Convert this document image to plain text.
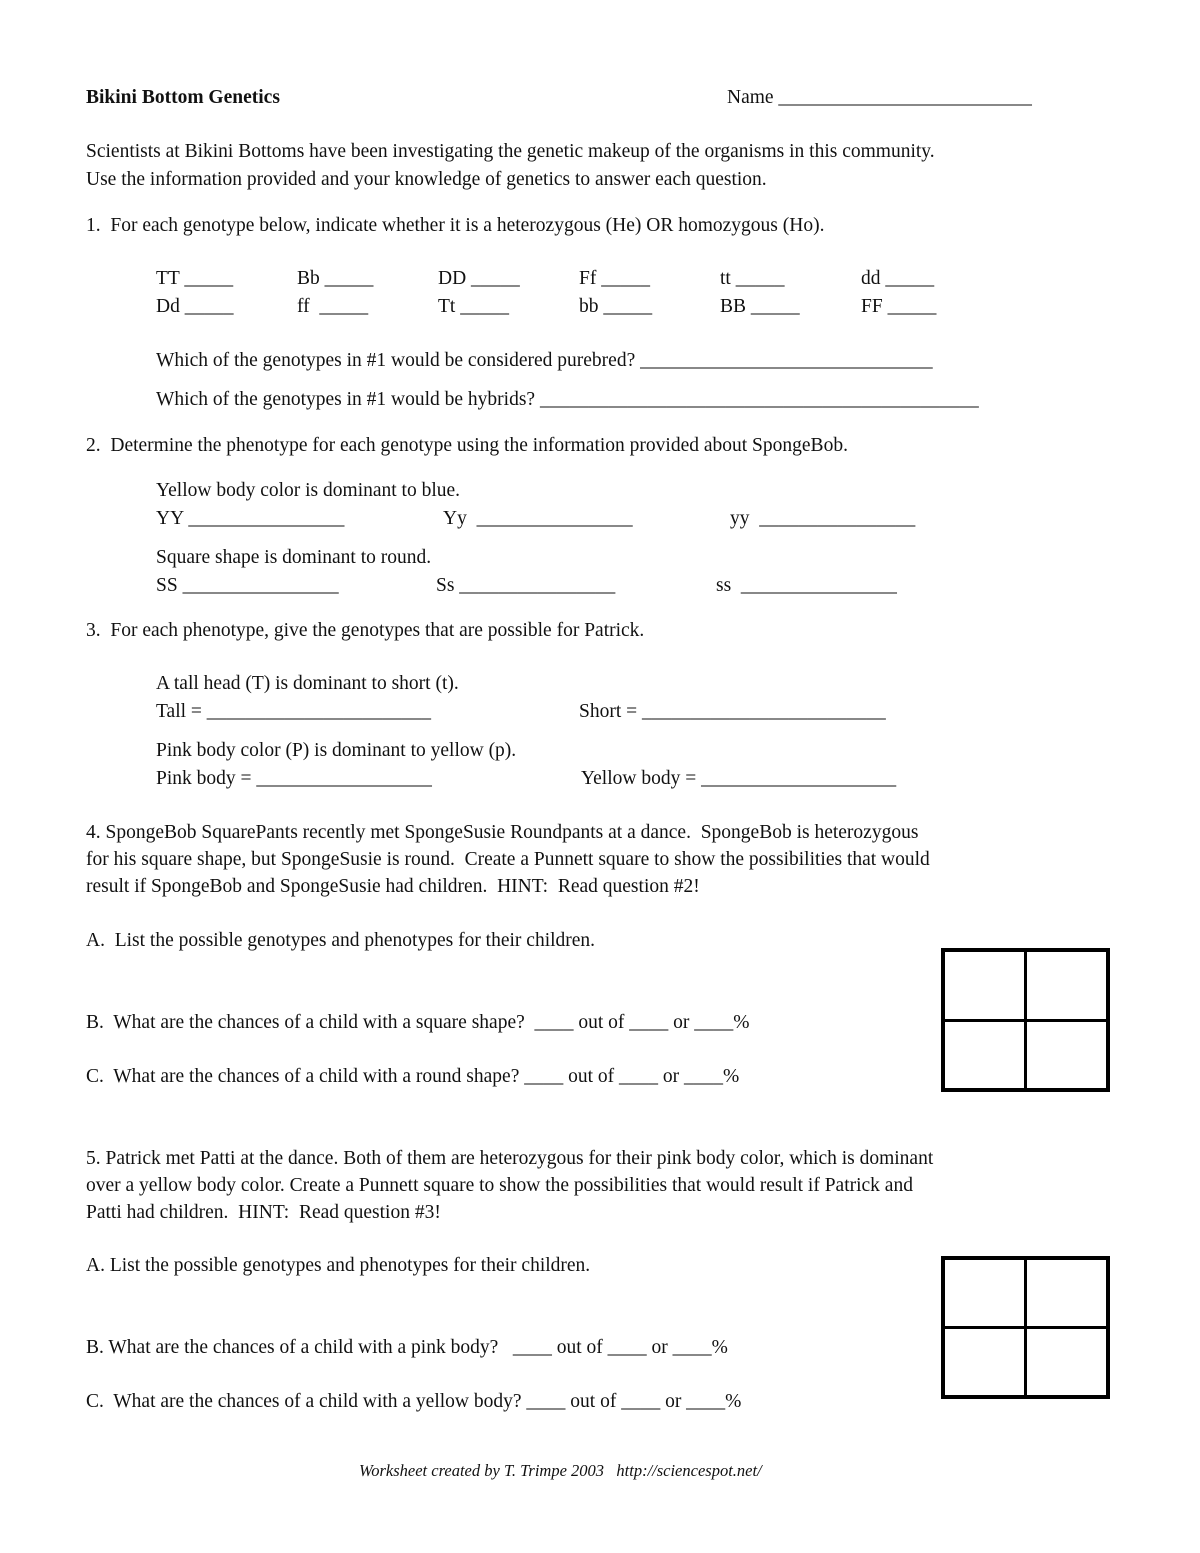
Bikini Bottom Genetics	Name __________________________
Scientists at Bikini Bottoms have been investigating the genetic makeup of the organisms in this community.
Use the information provided and your knowledge of genetics to answer each question.
1.  For each genotype below, indicate whether it is a heterozygous (He) OR homozygous (Ho).
TT _____	Bb _____	DD _____	Ff _____	tt _____	dd _____
Dd _____	ff  _____	Tt _____	bb _____	BB _____	FF _____
Which of the genotypes in #1 would be considered purebred? ______________________________
Which of the genotypes in #1 would be hybrids? _____________________________________________
2.  Determine the phenotype for each genotype using the information provided about SpongeBob.
Yellow body color is dominant to blue.
YY ________________	Yy  ________________	yy  ________________
Square shape is dominant to round.
SS ________________	Ss ________________	ss  ________________
3.  For each phenotype, give the genotypes that are possible for Patrick.
A tall head (T) is dominant to short (t).
Tall = _______________________	Short = _________________________
Pink body color (P) is dominant to yellow (p).
Pink body = __________________	Yellow body = ____________________
4. SpongeBob SquarePants recently met SpongeSusie Roundpants at a dance.  SpongeBob is heterozygous
for his square shape, but SpongeSusie is round.  Create a Punnett square to show the possibilities that would
result if SpongeBob and SpongeSusie had children.  HINT:  Read question #2!
A.  List the possible genotypes and phenotypes for their children.
B.  What are the chances of a child with a square shape?  ____ out of ____ or ____%
C.  What are the chances of a child with a round shape? ____ out of ____ or ____%
5. Patrick met Patti at the dance. Both of them are heterozygous for their pink body color, which is dominant
over a yellow body color. Create a Punnett square to show the possibilities that would result if Patrick and
Patti had children.  HINT:  Read question #3!
A. List the possible genotypes and phenotypes for their children.
B. What are the chances of a child with a pink body?   ____ out of ____ or ____%
C.  What are the chances of a child with a yellow body? ____ out of ____ or ____%
Worksheet created by T. Trimpe 2003   http://sciencespot.net/
